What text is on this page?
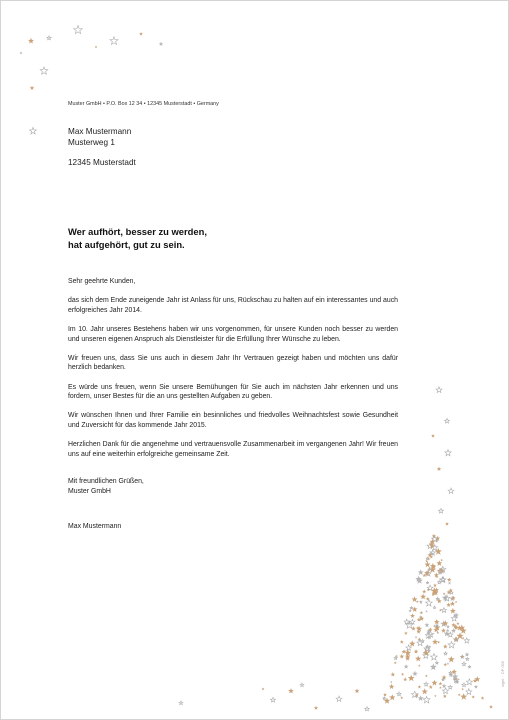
Muster GmbH • P.O. Box 12 34 • 12345 Musterstadt • Germany
Max Mustermann
Musterweg 1
12345 Musterstadt
Wer aufhört, besser zu werden,
hat aufgehört, gut zu sein.

Sehr geehrte Kunden,

das sich dem Ende zuneigende Jahr ist Anlass für uns, Rückschau zu halten auf ein interessantes und auch erfolgreiches Jahr 2014.

Im 10. Jahr unseres Bestehens haben wir uns vorgenommen, für unsere Kunden noch besser zu werden und unseren eigenen Anspruch als Dienstleister für die Erfüllung Ihrer Wünsche zu leben.

Wir freuen uns, dass Sie uns auch in diesem Jahr Ihr Vertrauen gezeigt haben und möchten uns dafür herzlich bedanken.

Es würde uns freuen, wenn Sie unsere Bemühungen für Sie auch im nächsten Jahr erkennen und uns fordern, unser Bestes für die an uns gestellten Aufgaben zu geben.

Wir wünschen Ihnen und Ihrer Familie ein besinnliches und friedvolles Weihnachtsfest sowie Gesundheit und Zuversicht für das kommende Jahr 2015.

Herzlichen Dank für die angenehme und vertrauensvolle Zusammenarbeit im vergangenen Jahr! Wir freuen uns auf eine weiterhin erfolgreiche gemeinsame Zeit.

Mit freundlichen Grüßen,
Muster GmbH
Max Mustermann
sigel. · DP 095
